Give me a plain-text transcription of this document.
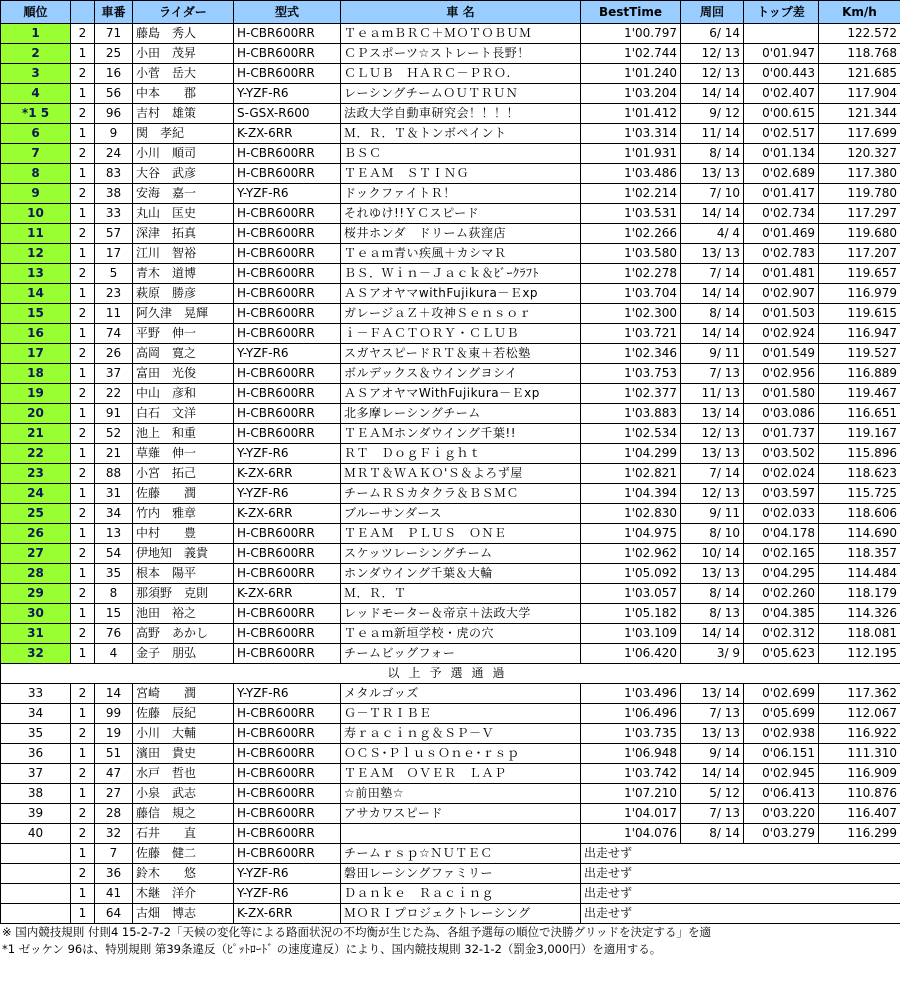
順位		車番	ライダー	型式	車 名	BestTime	周回	トップ差	Km/h
1	2	71	藤島　秀人	H-CBR600RR	ＴｅａｍＢＲＣ＋ＭＯＴＯＢＵＭ	1'00.797	6/ 14		122.572
2	1	25	小田　茂昇	H-CBR600RR	ＣＰスポーツ☆ストレート長野！	1'02.744	12/ 13	0'01.947	118.768
3	2	16	小菅　岳大	H-CBR600RR	ＣＬＵＢ　ＨＡＲＣ－ＰＲＯ.	1'01.240	12/ 13	0'00.443	121.685
4	1	56	中本　　郡	Y-YZF-R6	レーシングチームＯＵＴＲＵＮ	1'03.204	14/ 14	0'02.407	117.904
*1 5	2	96	吉村　雄策	S-GSX-R600	法政大学自動車研究会！！！！	1'01.412	9/ 12	0'00.615	121.344
6	1	9	関　孝紀	K-ZX-6RR	Ｍ．Ｒ．Ｔ＆トンボペイント	1'03.314	11/ 14	0'02.517	117.699
7	2	24	小川　順司	H-CBR600RR	ＢＳＣ	1'01.931	8/ 14	0'01.134	120.327
8	1	83	大谷　武彦	H-CBR600RR	ＴＥＡＭ　ＳＴＩＮＧ	1'03.486	13/ 13	0'02.689	117.380
9	2	38	安海　嘉一	Y-YZF-R6	ドックファイトＲ！	1'02.214	7/ 10	0'01.417	119.780
10	1	33	丸山　匡史	H-CBR600RR	それゆけ!!ＹＣスピード	1'03.531	14/ 14	0'02.734	117.297
11	2	57	深津　拓真	H-CBR600RR	桜井ホンダ　ドリーム荻窪店	1'02.266	4/ 4	0'01.469	119.680
12	1	17	江川　智裕	H-CBR600RR	Ｔｅａｍ青い疾風＋カシマＲ	1'03.580	13/ 13	0'02.783	117.207
13	2	5	青木　道博	H-CBR600RR	ＢＳ．Ｗｉｎ－Ｊａｃｋ＆ﾋﾞｰｸﾗﾌﾄ	1'02.278	7/ 14	0'01.481	119.657
14	1	23	萩原　勝彦	H-CBR600RR	ＡＳアオヤマwithFujikura－Ｅxp	1'03.704	14/ 14	0'02.907	116.979
15	2	11	阿久津　晃輝	H-CBR600RR	ガレージａＺ＋攻神Ｓｅｎｓｏｒ	1'02.300	8/ 14	0'01.503	119.615
16	1	74	平野　伸一	H-CBR600RR	ｉ－ＦＡＣＴＯＲＹ・ＣＬＵＢ	1'03.721	14/ 14	0'02.924	116.947
17	2	26	高岡　寛之	Y-YZF-R6	スガヤスピードＲＴ＆東＋若松塾	1'02.346	9/ 11	0'01.549	119.527
18	1	37	富田　光俊	H-CBR600RR	ボルデックス＆ウイングヨシイ	1'03.753	7/ 13	0'02.956	116.889
19	2	22	中山　彦和	H-CBR600RR	ＡＳアオヤマWithFujikura－Ｅxp	1'02.377	11/ 13	0'01.580	119.467
20	1	91	白石　文洋	H-CBR600RR	北多摩レーシングチーム	1'03.883	13/ 14	0'03.086	116.651
21	2	52	池上　和重	H-CBR600RR	ＴＥＡＭホンダウイング千葉!!	1'02.534	12/ 13	0'01.737	119.167
22	1	21	草薙　伸一	Y-YZF-R6	ＲＴ　ＤｏｇＦｉｇｈｔ	1'04.299	13/ 13	0'03.502	115.896
23	2	88	小宮　拓己	K-ZX-6RR	ＭＲＴ＆ＷＡＫＯ'Ｓ＆よろず屋	1'02.821	7/ 14	0'02.024	118.623
24	1	31	佐藤　　潤	Y-YZF-R6	チームＲＳカタクラ＆ＢＳＭＣ	1'04.394	12/ 13	0'03.597	115.725
25	2	34	竹内　雅章	K-ZX-6RR	ブルーサンダース	1'02.830	9/ 11	0'02.033	118.606
26	1	13	中村　　豊	H-CBR600RR	ＴＥＡＭ　ＰＬＵＳ　ＯＮＥ	1'04.975	8/ 10	0'04.178	114.690
27	2	54	伊地知　義貴	H-CBR600RR	スケッツレーシングチーム	1'02.962	10/ 14	0'02.165	118.357
28	1	35	根本　陽平	H-CBR600RR	ホンダウイング千葉＆大輪	1'05.092	13/ 13	0'04.295	114.484
29	2	8	那須野　克則	K-ZX-6RR	Ｍ．Ｒ．Ｔ	1'03.057	8/ 14	0'02.260	118.179
30	1	15	池田　裕之	H-CBR600RR	レッドモーター＆帝京＋法政大学	1'05.182	8/ 13	0'04.385	114.326
31	2	76	高野　あかし	H-CBR600RR	Ｔｅａｍ新垣学校・虎の穴	1'03.109	14/ 14	0'02.312	118.081
32	1	4	金子　朋弘	H-CBR600RR	チームビッグフォー	1'06.420	3/ 9	0'05.623	112.195
以上予選通過									
33	2	14	宮崎　　潤	Y-YZF-R6	メタルゴッズ	1'03.496	13/ 14	0'02.699	117.362
34	1	99	佐藤　辰紀	H-CBR600RR	Ｇ－ＴＲＩＢＥ	1'06.496	7/ 13	0'05.699	112.067
35	2	19	小川　大輔	H-CBR600RR	寿ｒａｃｉｎｇ＆ＳＰ－Ｖ	1'03.735	13/ 13	0'02.938	116.922
36	1	51	濱田　貴史	H-CBR600RR	ＯＣＳ･ＰｌｕｓＯｎｅ･ｒｓｐ	1'06.948	9/ 14	0'06.151	111.310
37	2	47	水戸　哲也	H-CBR600RR	ＴＥＡＭ　ＯＶＥＲ　ＬＡＰ	1'03.742	14/ 14	0'02.945	116.909
38	1	27	小泉　武志	H-CBR600RR	☆前田塾☆	1'07.210	5/ 12	0'06.413	110.876
39	2	28	藤信　規之	H-CBR600RR	アサカワスピード	1'04.017	7/ 13	0'03.220	116.407
40	2	32	石井　　直	H-CBR600RR		1'04.076	8/ 14	0'03.279	116.299
	1	7	佐藤　健二	H-CBR600RR	チームｒｓｐ☆ＮＵＴＥＣ	出走せず			
	2	36	鈴木　　悠	Y-YZF-R6	磐田レーシングファミリー	出走せず			
	1	41	木継　洋介	Y-YZF-R6	Ｄａｎｋｅ　Ｒａｃｉｎｇ	出走せず			
	1	64	古畑　博志	K-ZX-6RR	ＭＯＲＩプロジェクトレーシング	出走せず			
※ 国内競技規則 付則4 15-2-7-2「天候の変化等による路面状況の不均衡が生じた為、各組予選毎の順位で決勝グリッドを決定する」を適
*1 ゼッケン 96は、特別規則 第39条違反（ﾋﾟｯﾄﾛｰﾄﾞ の速度違反）により、国内競技規則 32-1-2（罰金3,000円）を適用する。
